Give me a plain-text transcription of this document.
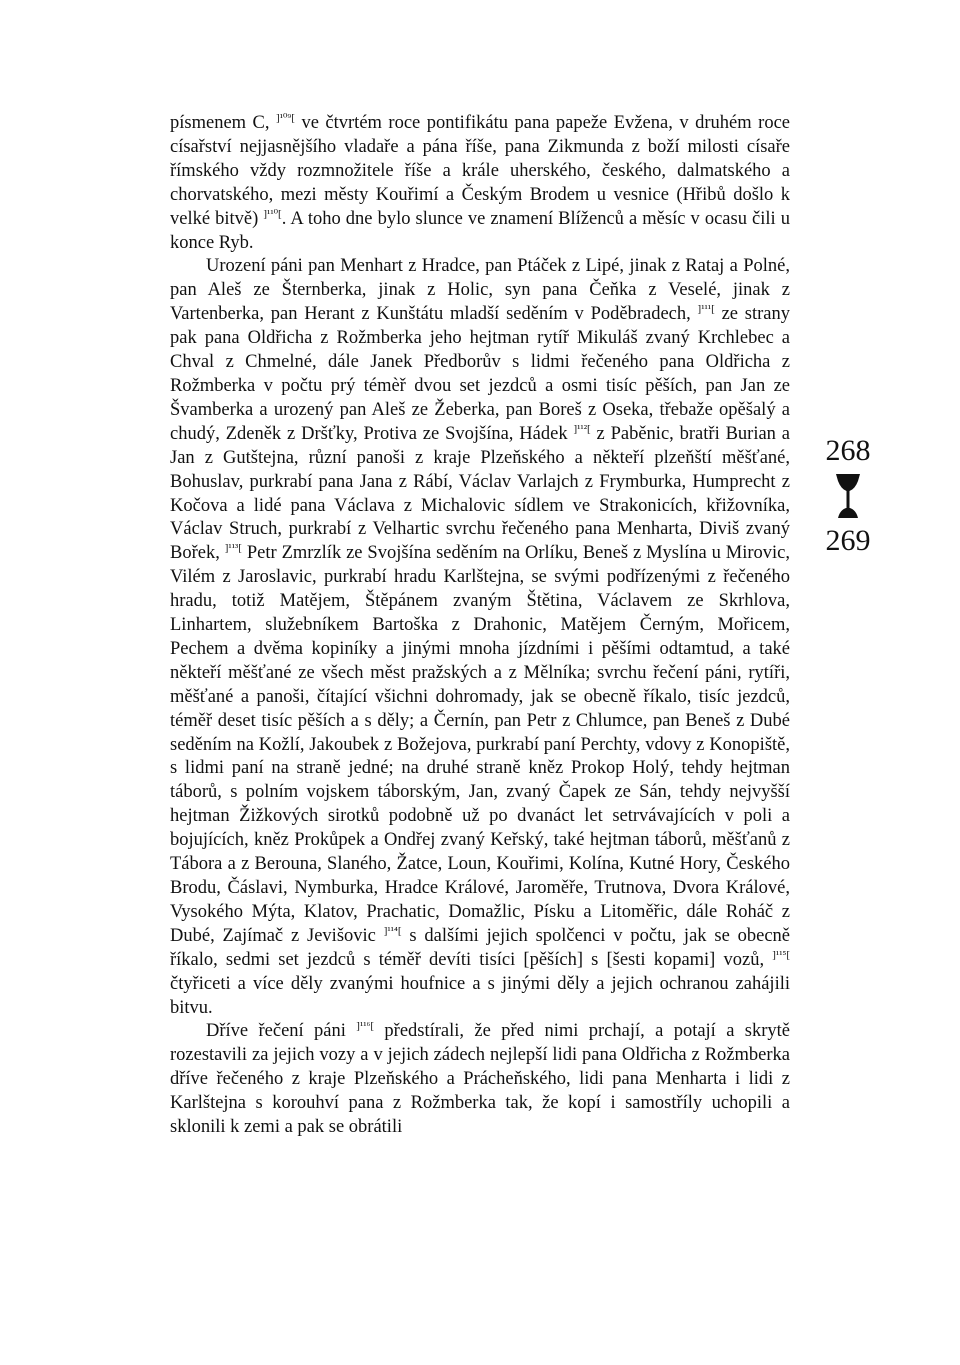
písmenem C, $^{]^{109}[}$ ve čtvrtém roce pontifikátu pana papeže Evžena, v druhém roce císařství nejjasnějšího vladaře a pána říše, pana Zikmunda z boží milosti císaře římského vždy rozmnožitele říše a krále uherského, českého, dalmatského a chorvatského, mezi městy Kouřimí a Českým Brodem u vesnice (Hřibů došlo k velké bitvě) $^{]^{110}[}$. A toho dne bylo slunce ve znamení Blíženců a měsíc v ocasu čili u konce Ryb.

Urození páni pan Menhart z Hradce, pan Ptáček z Lipé, jinak z Rataj a Polné, pan Aleš ze Šternberka, jinak z Holic, syn pana Čeňka z Veselé, jinak z Vartenberka, pan Herant z Kunštátu mladší seděním v Poděbradech, $^{]^{111}[}$ ze strany pak pana Oldřicha z Rožmberka jeho hejtman rytíř Mikuláš zvaný Krchlebec a Chval z Chmelné, dále Janek Předborův s lidmi řečeného pana Oldřicha z Rožmberka v počtu prý témèř dvou set jezdců a osmi tisíc pěších, pan Jan ze Švamberka a urozený pan Aleš ze Žeberka, pan Boreš z Oseka, třebaže opěšalý a chudý, Zdeněk z Dršťky, Protiva ze Svojšína, Hádek $^{]^{112}[}$ z Paběnic, bratři Burian a Jan z Gutštejna, různí panoši z kraje Plzeňského a někteří plzeňští měšťané, Bohuslav, purkrabí pana Jana z Rábí, Václav Varlajch z Frymburka, Humprecht z Kočova a lidé pana Václava z Michalovic sídlem ve Strakonicích, křižovníka, Václav Struch, purkrabí z Velhartic svrchu řečeného pana Menharta, Diviš zvaný Bořek, $^{]^{113}[}$ Petr Zmrzlík ze Svojšína seděním na Orlíku, Beneš z Myslína u Mirovic, Vilém z Jaroslavic, purkrabí hradu Karlštejna, se svými podřízenými z řečeného hradu, totiž Matějem, Štěpánem zvaným Štětina, Václavem ze Skrhlova, Linhartem, služebníkem Bartoška z Drahonic, Matějem Černým, Mořicem, Pechem a dvěma kopiníky a jinými mnoha jízdními i pěšími odtamtud, a také někteří měšťané ze všech měst pražských a z Mělníka; svrchu řečení páni, rytíři, měšťané a panoši, čítající všichni dohromady, jak se obecně říkalo, tisíc jezdců, téměř deset tisíc pěších a s děly; a Černín, pan Petr z Chlumce, pan Beneš z Dubé seděním na Kožlí, Jakoubek z Božejova, purkrabí paní Perchty, vdovy z Konopiště, s lidmi paní na straně jedné; na druhé straně kněz Prokop Holý, tehdy hejtman táborů, s polním vojskem táborským, Jan, zvaný Čapek ze Sán, tehdy nejvyšší hejtman Žižkových sirotků podobně už po dvanáct let setrvávajících v poli a bojujících, kněz Prokůpek a Ondřej zvaný Keřský, také hejtman táborů, měšťanů z Tábora a z Berouna, Slaného, Žatce, Loun, Kouřimi, Kolína, Kutné Hory, Českého Brodu, Čáslavi, Nymburka, Hradce Králové, Jaroměře, Trutnova, Dvora Králové, Vysokého Mýta, Klatov, Prachatic, Domažlic, Písku a Litoměřic, dále Roháč z Dubé, Zajímač z Jevišovic $^{]^{114}[}$ s dalšími jejich spolčenci v počtu, jak se obecně říkalo, sedmi set jezdců s téměř devíti tisíci [pěších] s [šesti kopami] vozů, $^{]^{115}[}$ čtyřiceti a více děly zvanými houfnice a s jinými děly a jejich ochranou zahájili bitvu.

Dříve řečení páni $^{]^{116}[}$ předstírali, že před nimi prchají, a potají a skrytě rozestavili za jejich vozy a v jejich zádech nejlepší lidi pana Oldřicha z Rožmberka dříve řečeného z kraje Plzeňského a Prácheňského, lidi pana Menharta i lidi z Karlštejna s korouhví pana z Rožmberka tak, že kopí i samostříly uchopili a sklonili k zemi a pak se obrátili

268
269
